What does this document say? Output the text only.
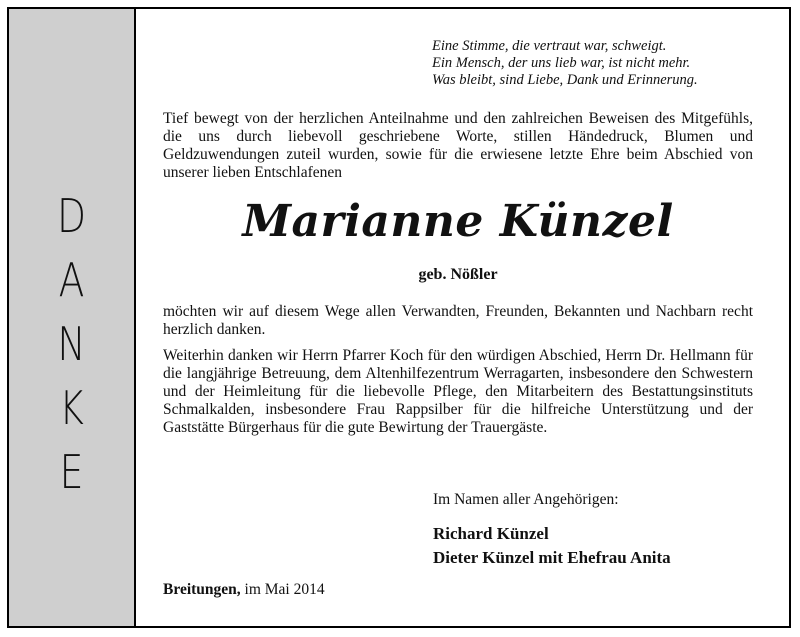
D
A
N
K
E
Eine Stimme, die vertraut war, schweigt.
Ein Mensch, der uns lieb war, ist nicht mehr.
Was bleibt, sind Liebe, Dank und Erinnerung.
Tief bewegt von der herzlichen Anteilnahme und den zahlreichen Beweisen des Mitgefühls, die uns durch liebevoll geschriebene Worte, stillen Händedruck, Blumen und Geldzuwendungen zuteil wurden, sowie für die erwiesene letzte Ehre beim Abschied von unserer lieben Entschlafenen
Marianne Künzel
geb. Nößler
möchten wir auf diesem Wege allen Verwandten, Freunden, Bekannten und Nachbarn recht herzlich danken.
Weiterhin danken wir Herrn Pfarrer Koch für den würdigen Abschied, Herrn Dr. Hellmann für die langjährige Betreuung, dem Altenhilfezentrum Werragarten, insbesondere den Schwestern und der Heimleitung für die liebevolle Pflege, den Mitarbeitern des Bestattungsinstituts Schmalkalden, insbesondere Frau Rappsilber für die hilfreiche Unterstützung und der Gaststätte Bürgerhaus für die gute Bewirtung der Trauergäste.
Im Namen aller Angehörigen:
Richard Künzel
Dieter Künzel mit Ehefrau Anita
Breitungen, im Mai 2014
